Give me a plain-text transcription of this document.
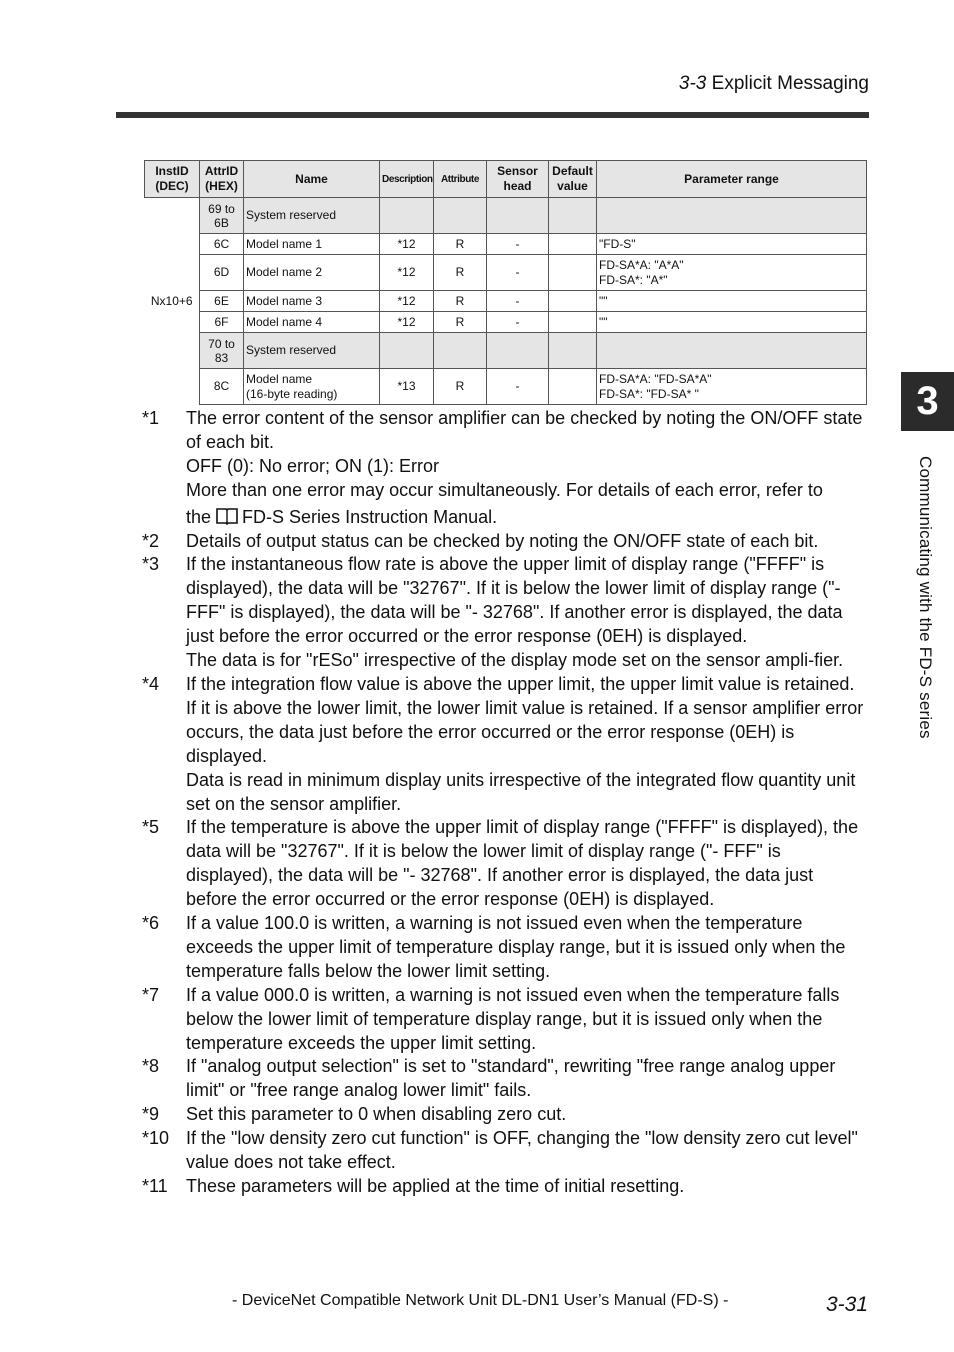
3-3 Explicit Messaging
3
Communicating with the FD-S series
InstID (DEC)	AttrID (HEX)	Name	Description	Attribute	Sensor head	Default value	Parameter range
Nx10+6	69 to 6B	System reserved					
	6C	Model name 1	*12	R	-		"FD-S"
	6D	Model name 2	*12	R	-		FD-SA*A: "A*A"
FD-SA*: "A*"
	6E	Model name 3	*12	R	-		""
	6F	Model name 4	*12	R	-		""
	70 to 83	System reserved					
	8C	Model name
(16-byte reading)	*13	R	-		FD-SA*A: "FD-SA*A"
FD-SA*: "FD-SA* "
*1	The error content of the sensor amplifier can be checked by noting the ON/OFF state of each bit.
OFF (0): No error; ON (1): Error
More than one error may occur simultaneously. For details of each error, refer to
the FD-S Series Instruction Manual.
*2	Details of output status can be checked by noting the ON/OFF state of each bit.
*3	If the instantaneous flow rate is above the upper limit of display range ("FFFF" is displayed), the data will be "32767". If it is below the lower limit of display range ("- FFF" is displayed), the data will be "- 32768". If another error is displayed, the data just before the error occurred or the error response (0EH) is displayed.
The data is for "rESo" irrespective of the display mode set on the sensor ampli-fier.
*4	If the integration flow value is above the upper limit, the upper limit value is retained. If it is above the lower limit, the lower limit value is retained. If a sensor amplifier error occurs, the data just before the error occurred or the error response (0EH) is displayed.
Data is read in minimum display units irrespective of the integrated flow quantity unit set on the sensor amplifier.
*5	If the temperature is above the upper limit of display range ("FFFF" is displayed), the data will be "32767". If it is below the lower limit of display range ("- FFF" is displayed), the data will be "- 32768". If another error is displayed, the data just before the error occurred or the error response (0EH) is displayed.
*6	If a value 100.0 is written, a warning is not issued even when the temperature exceeds the upper limit of temperature display range, but it is issued only when the temperature falls below the lower limit setting.
*7	If a value 000.0 is written, a warning is not issued even when the temperature falls below the lower limit of temperature display range, but it is issued only when the temperature exceeds the upper limit setting.
*8	If "analog output selection" is set to "standard", rewriting "free range analog upper limit" or "free range analog lower limit" fails.
*9	Set this parameter to 0 when disabling zero cut.
*10 If the "low density zero cut function" is OFF, changing the "low density zero cut level" value does not take effect.
*11	These parameters will be applied at the time of initial resetting.
- DeviceNet Compatible Network Unit DL-DN1 User’s Manual (FD-S) -	3-31
